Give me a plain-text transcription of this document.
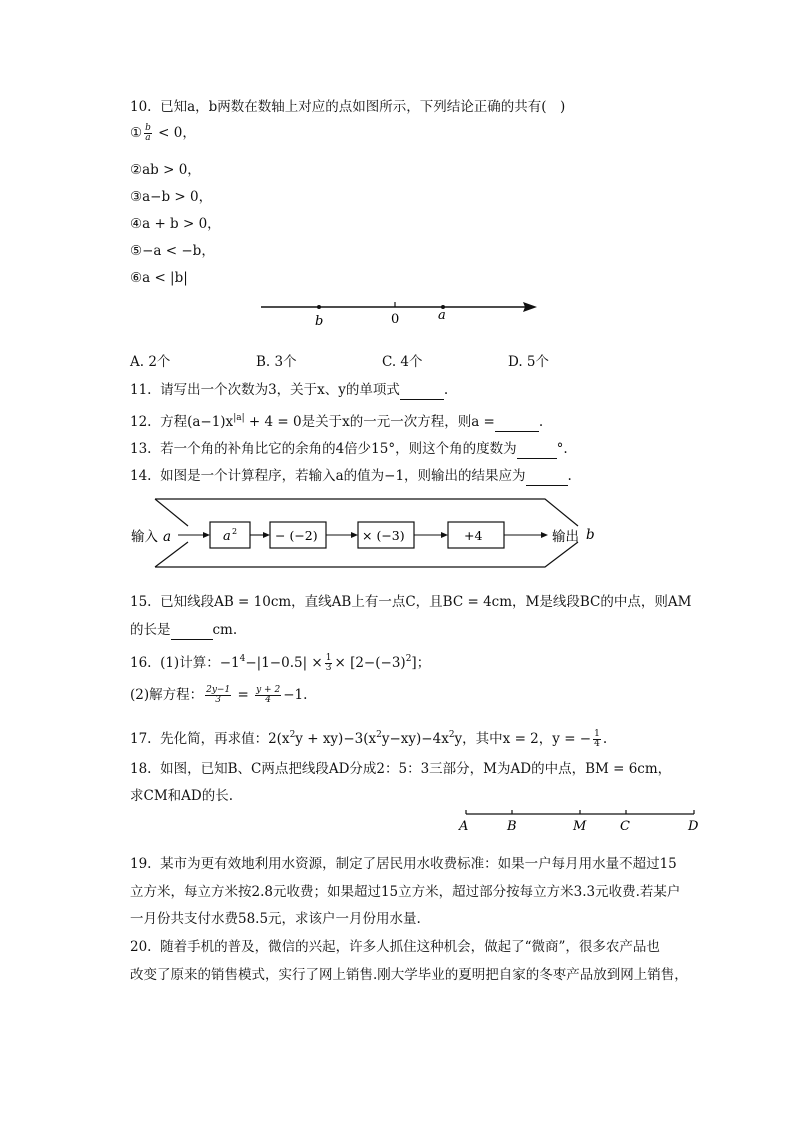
10. 已知a，b两数在数轴上对应的点如图所示，下列结论正确的共有(　)
① $\frac{b}{a} < 0$，
②ab > 0，
③a−b > 0，
④a + b > 0，
⑤−a < −b，
⑥a < |b|
b	0	a
A. 2个	B. 3个	C. 4个	D. 5个
11. 请写出一个次数为3，关于x、y的单项式	.
12. 方程$(a-1)x^{|a|} + 4 = 0$是关于x的一元一次方程，则a =	.
13. 若一个角的补角比它的余角的4倍少15°，则这个角的度数为	°.
14. 如图是一个计算程序，若输入a的值为−1，则输出的结果应为	.
输入 a	a 2	− (−2)	× (−3)	+4	输出 b
15. 已知线段AB = 10cm，直线AB上有一点C，且BC = 4cm，M是线段BC的中点，则AM
的长是	cm.
16. (1)计算：$-1^4-|1-0.5| \times \frac{1}{3} \times [2-(-3)^2]$；
(2)解方程： $\frac{2y-1}{3} = \frac{y + 2}{4} -1$.
17. 先化简，再求值：$2(x^2y + xy)-3(x^2y-xy)-4x^2y$，其中x = 2，y = − $\frac{1}{4}$ .
18. 如图，已知B、C两点把线段AD分成2：5：3三部分，M为AD的中点，BM = 6cm，
求CM和AD的长.
A	B	M	C	D
19. 某市为更有效地利用水资源，制定了居民用水收费标准：如果一户每月用水量不超过15
立方米，每立方米按2.8元收费；如果超过15立方米，超过部分按每立方米3.3元收费.若某户
一月份共支付水费58.5元，求该户一月份用水量.
20. 随着手机的普及，微信的兴起，许多人抓住这种机会，做起了“微商”，很多农产品也
改变了原来的销售模式，实行了网上销售.刚大学毕业的夏明把自家的冬枣产品放到网上销售，
